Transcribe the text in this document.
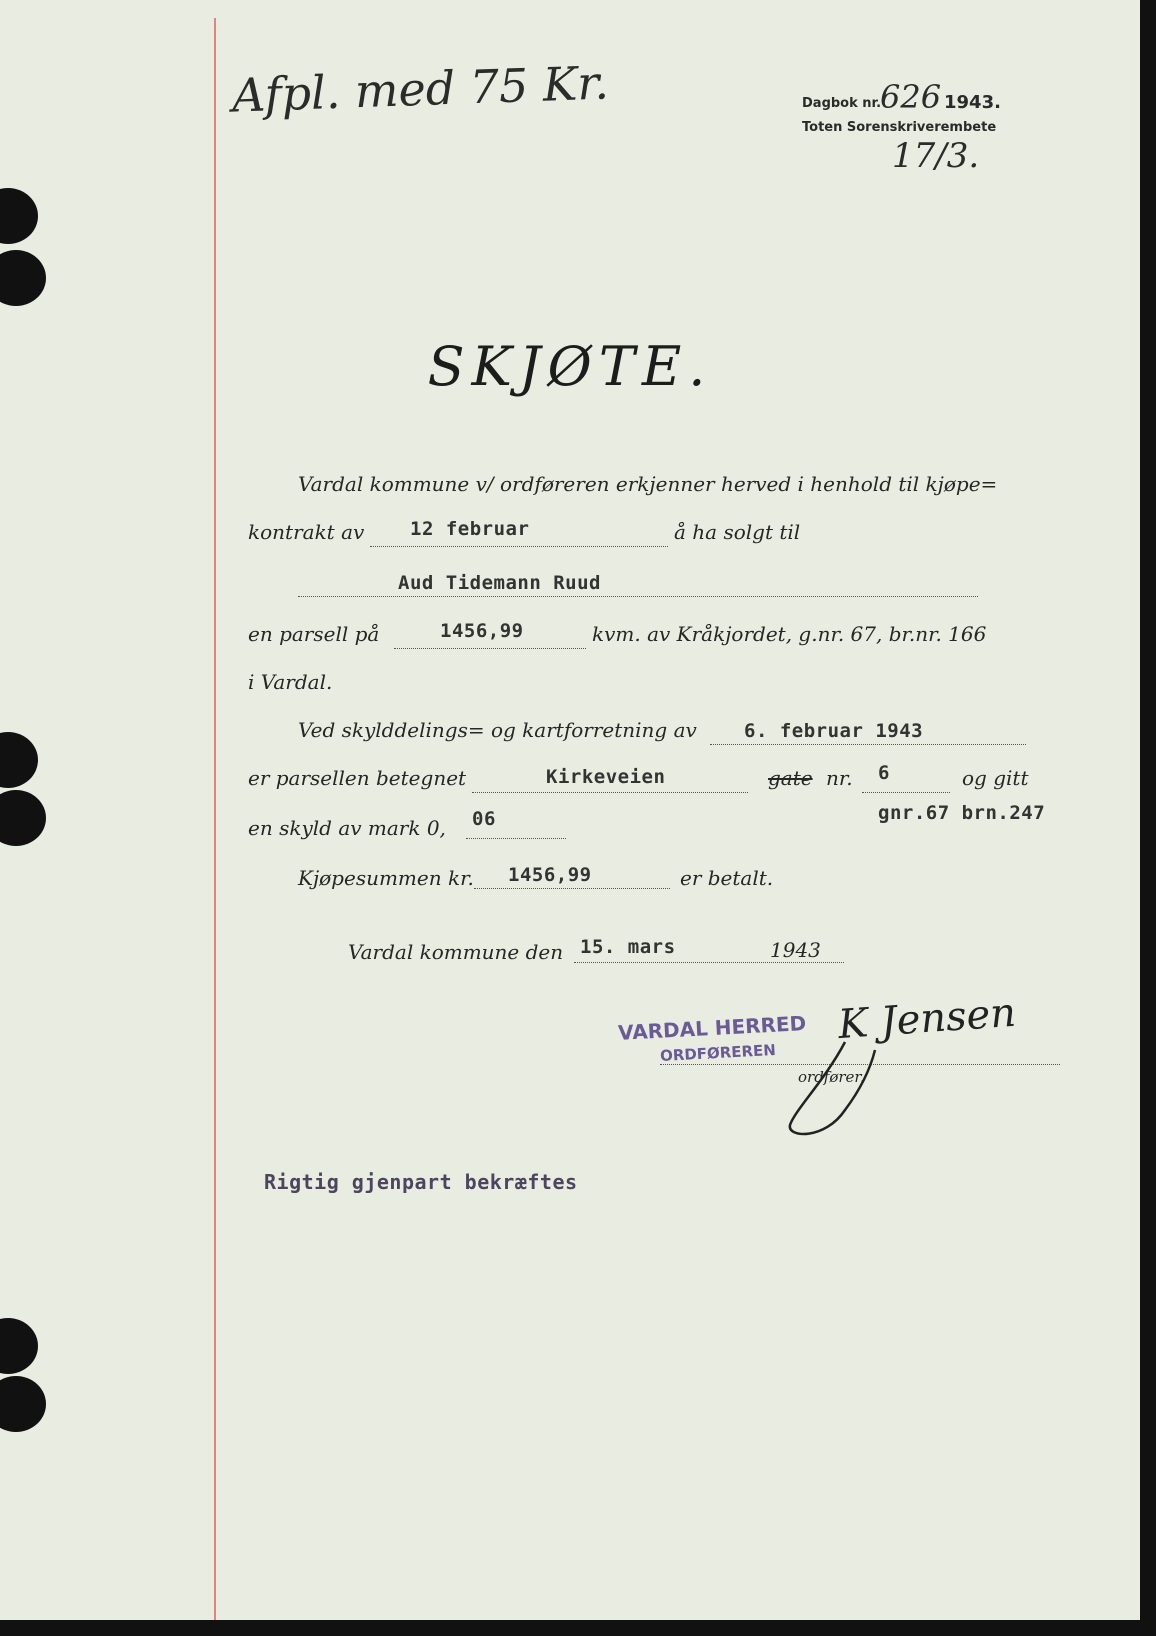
Afpl. med 75 Kr.	Dagbok nr.
626 1943.
Toten Sorenskriverembete
17/3.
SKJØTE.
Vardal kommune v/ ordføreren erkjenner herved i henhold til kjøpe=
kontrakt av 12 februar	å ha solgt til
Aud Tidemann Ruud
en parsell på	1456,99	kvm. av Kråkjordet, g.nr. 67, br.nr. 166
i Vardal.
Ved skylddelings= og kartforretning av 6. februar 1943
er parsellen betegnet	Kirkeveien	gate nr. 6	og gitt
gnr.67 brn.247
en skyld av mark 0, 06
Kjøpesummen kr. 1456,99	er betalt.
Vardal kommune den 15. mars	1943
VARDAL HERRED
ORDFØREREN
K Jensen
ordfører.
Rigtig gjenpart bekræftes
